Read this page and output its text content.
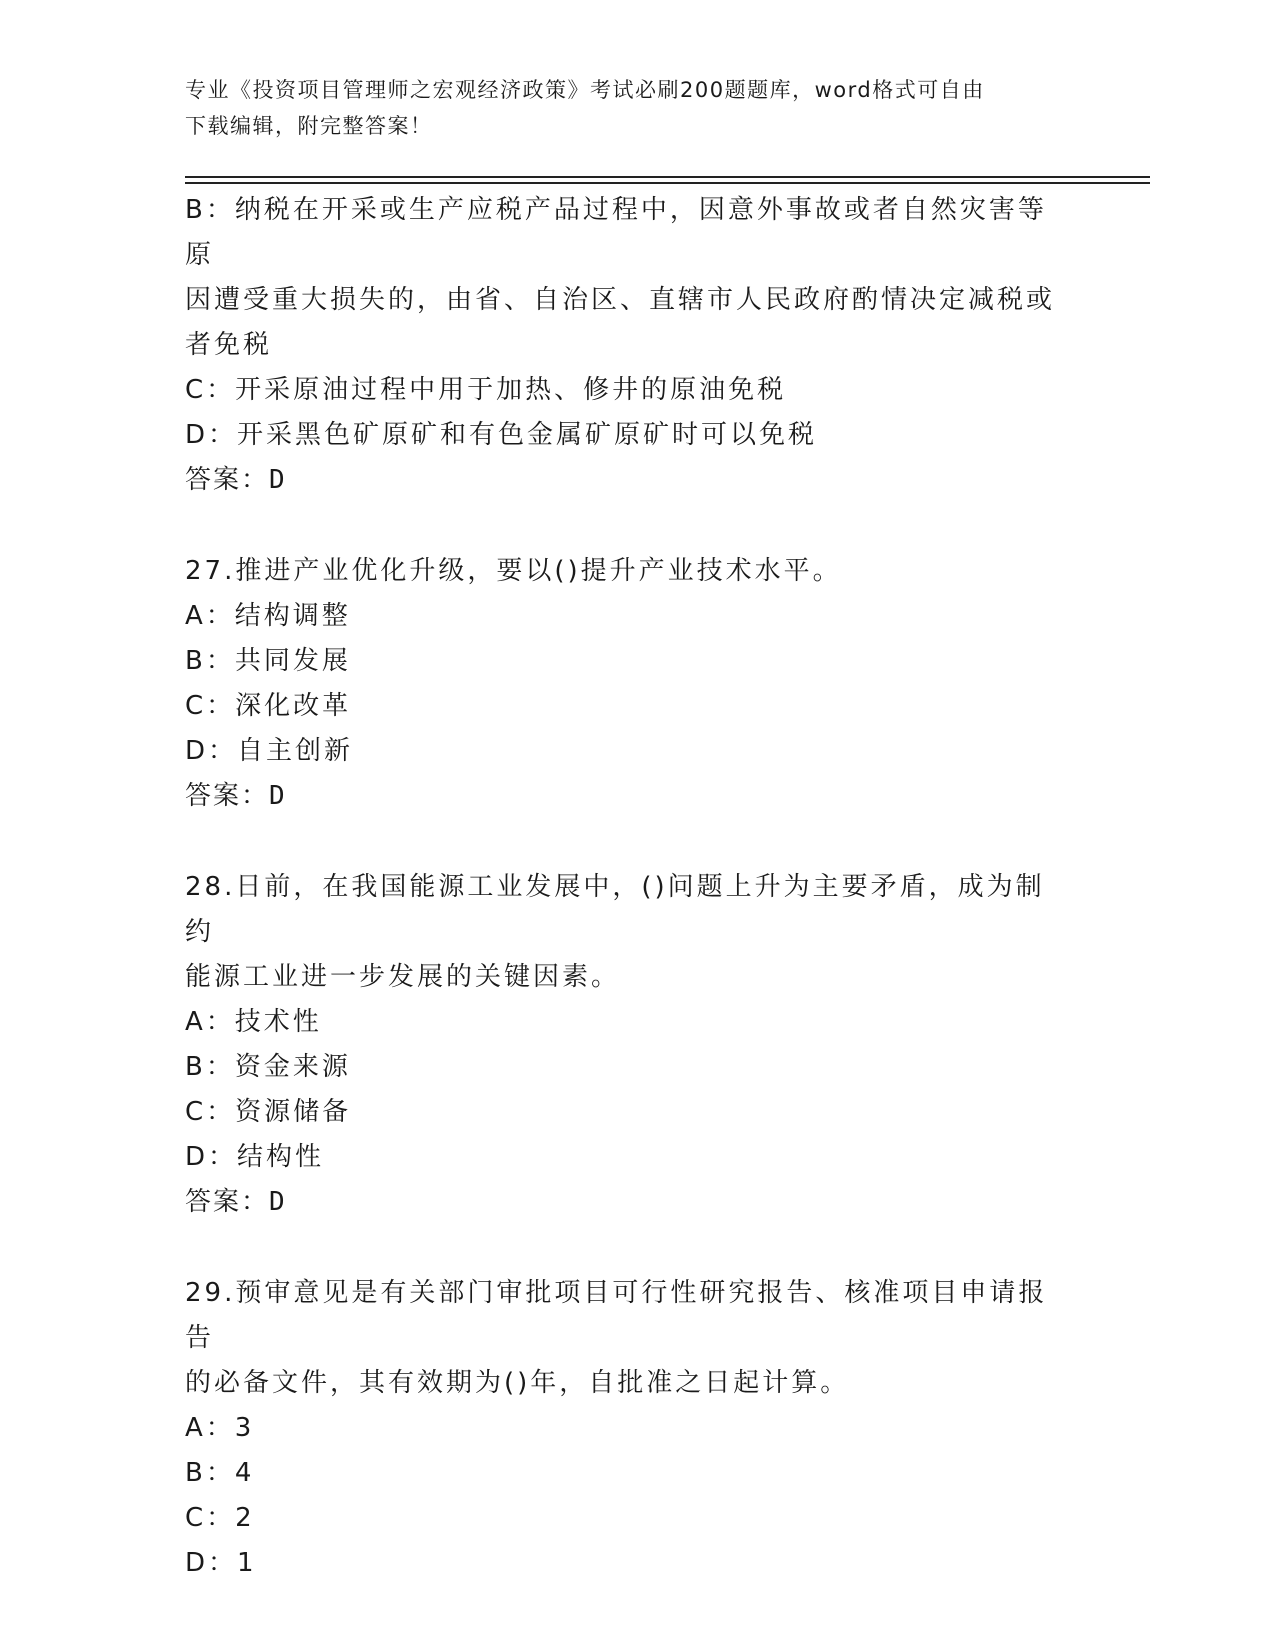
专业《投资项目管理师之宏观经济政策》考试必刷200题题库，word格式可自由
下载编辑，附完整答案！
B：纳税在开采或生产应税产品过程中，因意外事故或者自然灾害等原
因遭受重大损失的，由省、自治区、直辖市人民政府酌情决定减税或
者免税
C：开采原油过程中用于加热、修井的原油免税
D：开采黑色矿原矿和有色金属矿原矿时可以免税
答案：D
27.推进产业优化升级，要以()提升产业技术水平。
A：结构调整
B：共同发展
C：深化改革
D：自主创新
答案：D
28.日前，在我国能源工业发展中，()问题上升为主要矛盾，成为制约
能源工业进一步发展的关键因素。
A：技术性
B：资金来源
C：资源储备
D：结构性
答案：D
29.预审意见是有关部门审批项目可行性研究报告、核准项目申请报告
的必备文件，其有效期为()年，自批准之日起计算。
A：3
B：4
C：2
D：1
